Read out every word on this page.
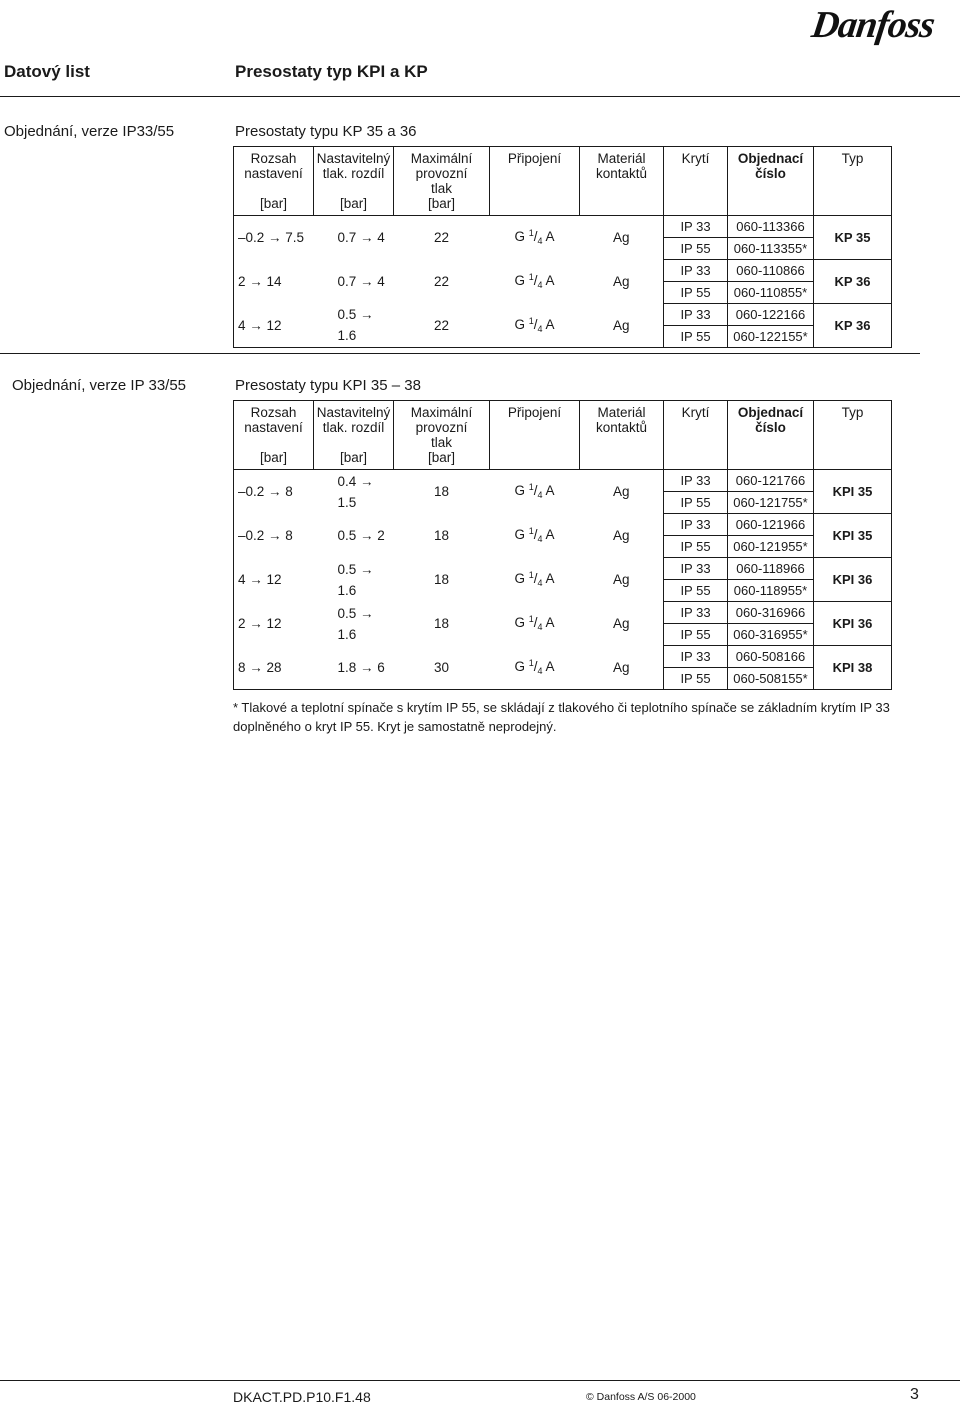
Danfoss
Datový list	Presostaty typ KPI a KP
Objednání, verze IP33/55	Presostaty typu KP 35 a 36
Rozsah
nastavení

[bar]	Nastavitelný
tlak. rozdíl

[bar]	Maximální
provozní
tlak
[bar]	Připojení	Materiál
kontaktů	Krytí	Objednací
číslo	Typ
–0.2 → 7.5	0.7 → 4	22	G $^1/_4$ A	Ag	IP 33	060-113366	KP 35
					IP 55	060-113355*	
2 → 14	0.7 → 4	22	G $^1/_4$ A	Ag	IP 33	060-110866	KP 36
					IP 55	060-110855*	
4 → 12	0.5 → 1.6	22	G $^1/_4$ A	Ag	IP 33	060-122166	KP 36
					IP 55	060-122155*	
Objednání, verze IP 33/55	Presostaty typu KPI 35 – 38
Rozsah
nastavení

[bar]	Nastavitelný
tlak. rozdíl

[bar]	Maximální
provozní
tlak
[bar]	Připojení	Materiál
kontaktů	Krytí	Objednací
číslo	Typ
–0.2 → 8	0.4 → 1.5	18	G $^1/_4$ A	Ag	IP 33	060-121766	KPI 35
					IP 55	060-121755*	
–0.2 → 8	0.5 → 2	18	G $^1/_4$ A	Ag	IP 33	060-121966	KPI 35
					IP 55	060-121955*	
4 → 12	0.5 → 1.6	18	G $^1/_4$ A	Ag	IP 33	060-118966	KPI 36
					IP 55	060-118955*	
2 → 12	0.5 → 1.6	18	G $^1/_4$ A	Ag	IP 33	060-316966	KPI 36
					IP 55	060-316955*	
8 → 28	1.8 → 6	30	G $^1/_4$ A	Ag	IP 33	060-508166	KPI 38
					IP 55	060-508155*	
* Tlakové a teplotní spínače s krytím IP 55, se skládají z tlakového či teplotního spínače se základním krytím IP 33 doplněného o kryt IP 55. Kryt je samostatně neprodejný.
DKACT.PD.P10.F1.48	© Danfoss A/S 06-2000	3
